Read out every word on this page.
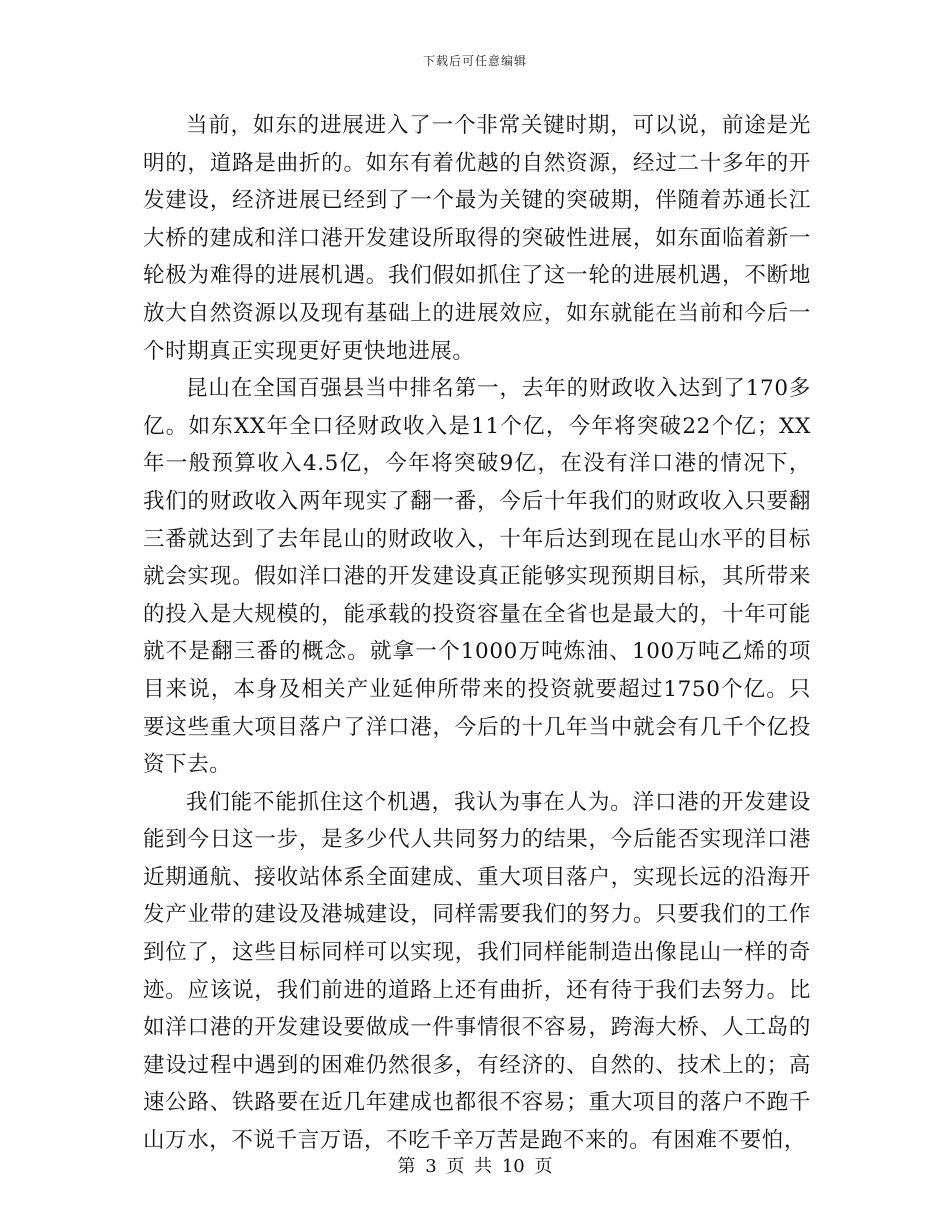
下载后可任意编辑

当前，如东的进展进入了一个非常关键时期，可以说，前途是光明的，道路是曲折的。如东有着优越的自然资源，经过二十多年的开发建设，经济进展已经到了一个最为关键的突破期，伴随着苏通长江大桥的建成和洋口港开发建设所取得的突破性进展，如东面临着新一轮极为难得的进展机遇。我们假如抓住了这一轮的进展机遇，不断地放大自然资源以及现有基础上的进展效应，如东就能在当前和今后一个时期真正实现更好更快地进展。

昆山在全国百强县当中排名第一，去年的财政收入达到了170多亿。如东XX年全口径财政收入是11个亿，今年将突破22个亿；XX年一般预算收入4.5亿，今年将突破9亿，在没有洋口港的情况下，我们的财政收入两年现实了翻一番，今后十年我们的财政收入只要翻三番就达到了去年昆山的财政收入，十年后达到现在昆山水平的目标就会实现。假如洋口港的开发建设真正能够实现预期目标，其所带来的投入是大规模的，能承载的投资容量在全省也是最大的，十年可能就不是翻三番的概念。就拿一个1000万吨炼油、100万吨乙烯的项目来说，本身及相关产业延伸所带来的投资就要超过1750个亿。只要这些重大项目落户了洋口港，今后的十几年当中就会有几千个亿投资下去。

我们能不能抓住这个机遇，我认为事在人为。洋口港的开发建设能到今日这一步，是多少代人共同努力的结果，今后能否实现洋口港近期通航、接收站体系全面建成、重大项目落户，实现长远的沿海开发产业带的建设及港城建设，同样需要我们的努力。只要我们的工作到位了，这些目标同样可以实现，我们同样能制造出像昆山一样的奇迹。应该说，我们前进的道路上还有曲折，还有待于我们去努力。比如洋口港的开发建设要做成一件事情很不容易，跨海大桥、人工岛的建设过程中遇到的困难仍然很多，有经济的、自然的、技术上的；高速公路、铁路要在近几年建成也都很不容易；重大项目的落户不跑千山万水，不说千言万语，不吃千辛万苦是跑不来的。有困难不要怕，

第 3 页 共 10 页
